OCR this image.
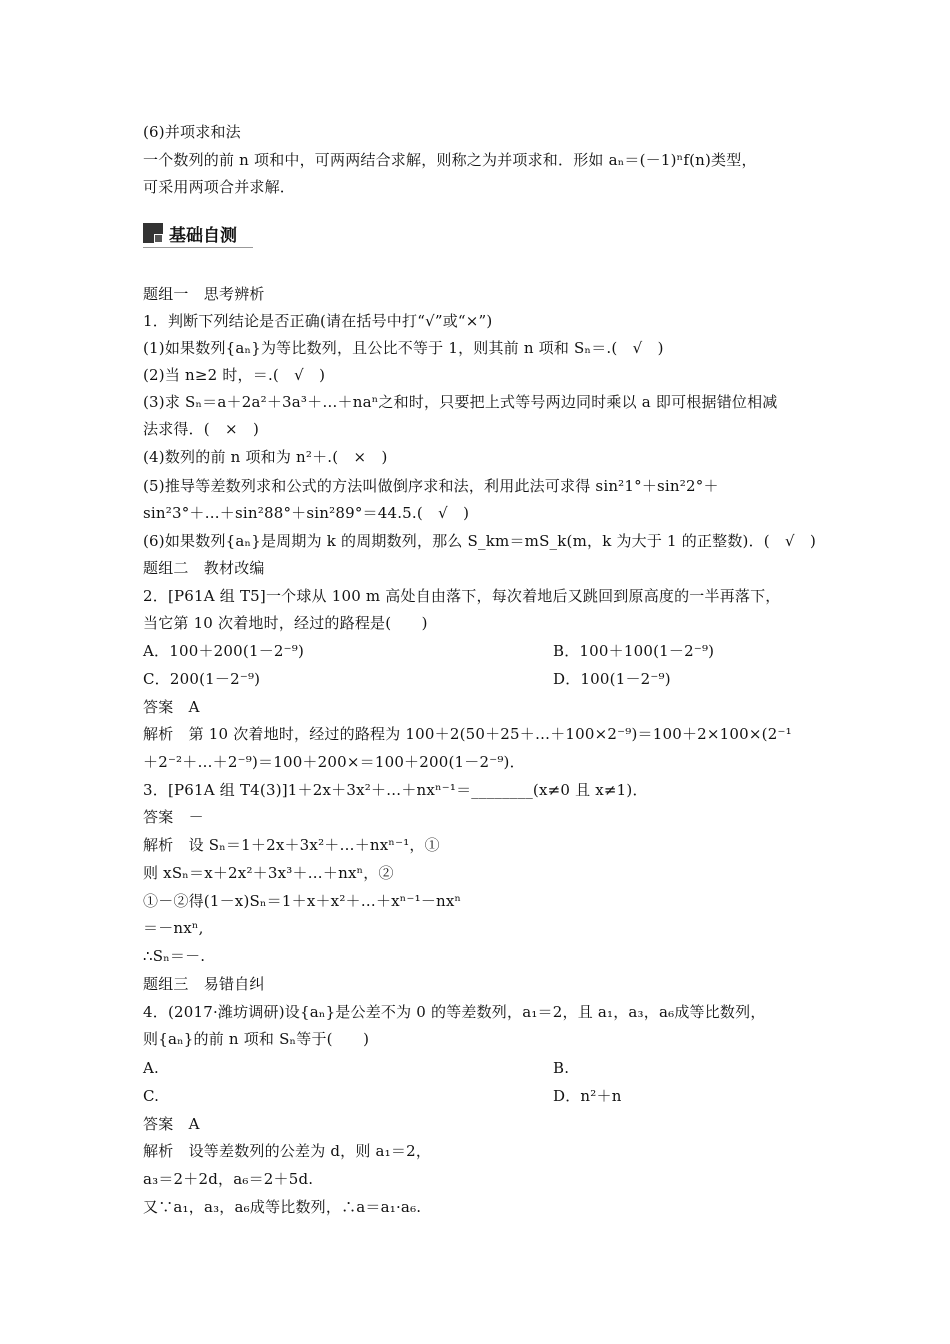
(6)并项求和法
一个数列的前 n 项和中，可两两结合求解，则称之为并项求和．形如 aₙ＝(－1)ⁿf(n)类型，
可采用两项合并求解．
基础自测
题组一　思考辨析
1．判断下列结论是否正确(请在括号中打“√”或“×”)
(1)如果数列{aₙ}为等比数列，且公比不等于 1，则其前 n 项和 Sₙ＝.(　√　)
(2)当 n≥2 时，＝.(　√　)
(3)求 Sₙ＝a＋2a²＋3a³＋…＋naⁿ之和时，只要把上式等号两边同时乘以 a 即可根据错位相减
法求得．(　×　)
(4)数列的前 n 项和为 n²＋.(　×　)
(5)推导等差数列求和公式的方法叫做倒序求和法，利用此法可求得 sin²1°＋sin²2°＋
sin²3°＋…＋sin²88°＋sin²89°＝44.5.(　√　)
(6)如果数列{aₙ}是周期为 k 的周期数列，那么 S_km＝mS_k(m，k 为大于 1 的正整数)．(　√　)
题组二　教材改编
2．[P61A 组 T5]一个球从 100 m 高处自由落下，每次着地后又跳回到原高度的一半再落下，
当它第 10 次着地时，经过的路程是(　　)
A．100＋200(1－2⁻⁹)	B．100＋100(1－2⁻⁹)
C．200(1－2⁻⁹)	D．100(1－2⁻⁹)
答案　A
解析　第 10 次着地时，经过的路程为 100＋2(50＋25＋…＋100×2⁻⁹)＝100＋2×100×(2⁻¹
＋2⁻²＋…＋2⁻⁹)＝100＋200×＝100＋200(1－2⁻⁹)．
3．[P61A 组 T4(3)]1＋2x＋3x²＋…＋nxⁿ⁻¹＝________(x≠0 且 x≠1)．
答案　－
解析　设 Sₙ＝1＋2x＋3x²＋…＋nxⁿ⁻¹，①
则 xSₙ＝x＋2x²＋3x³＋…＋nxⁿ，②
①－②得(1－x)Sₙ＝1＋x＋x²＋…＋xⁿ⁻¹－nxⁿ
＝－nxⁿ,
∴Sₙ＝－.
题组三　易错自纠
4．(2017·潍坊调研)设{aₙ}是公差不为 0 的等差数列，a₁＝2，且 a₁，a₃，a₆成等比数列，
则{aₙ}的前 n 项和 Sₙ等于(　　)
A.	B.
C.	D．n²＋n
答案　A
解析　设等差数列的公差为 d，则 a₁＝2，
a₃＝2＋2d，a₆＝2＋5d.
又∵a₁，a₃，a₆成等比数列，∴a＝a₁·a₆.
